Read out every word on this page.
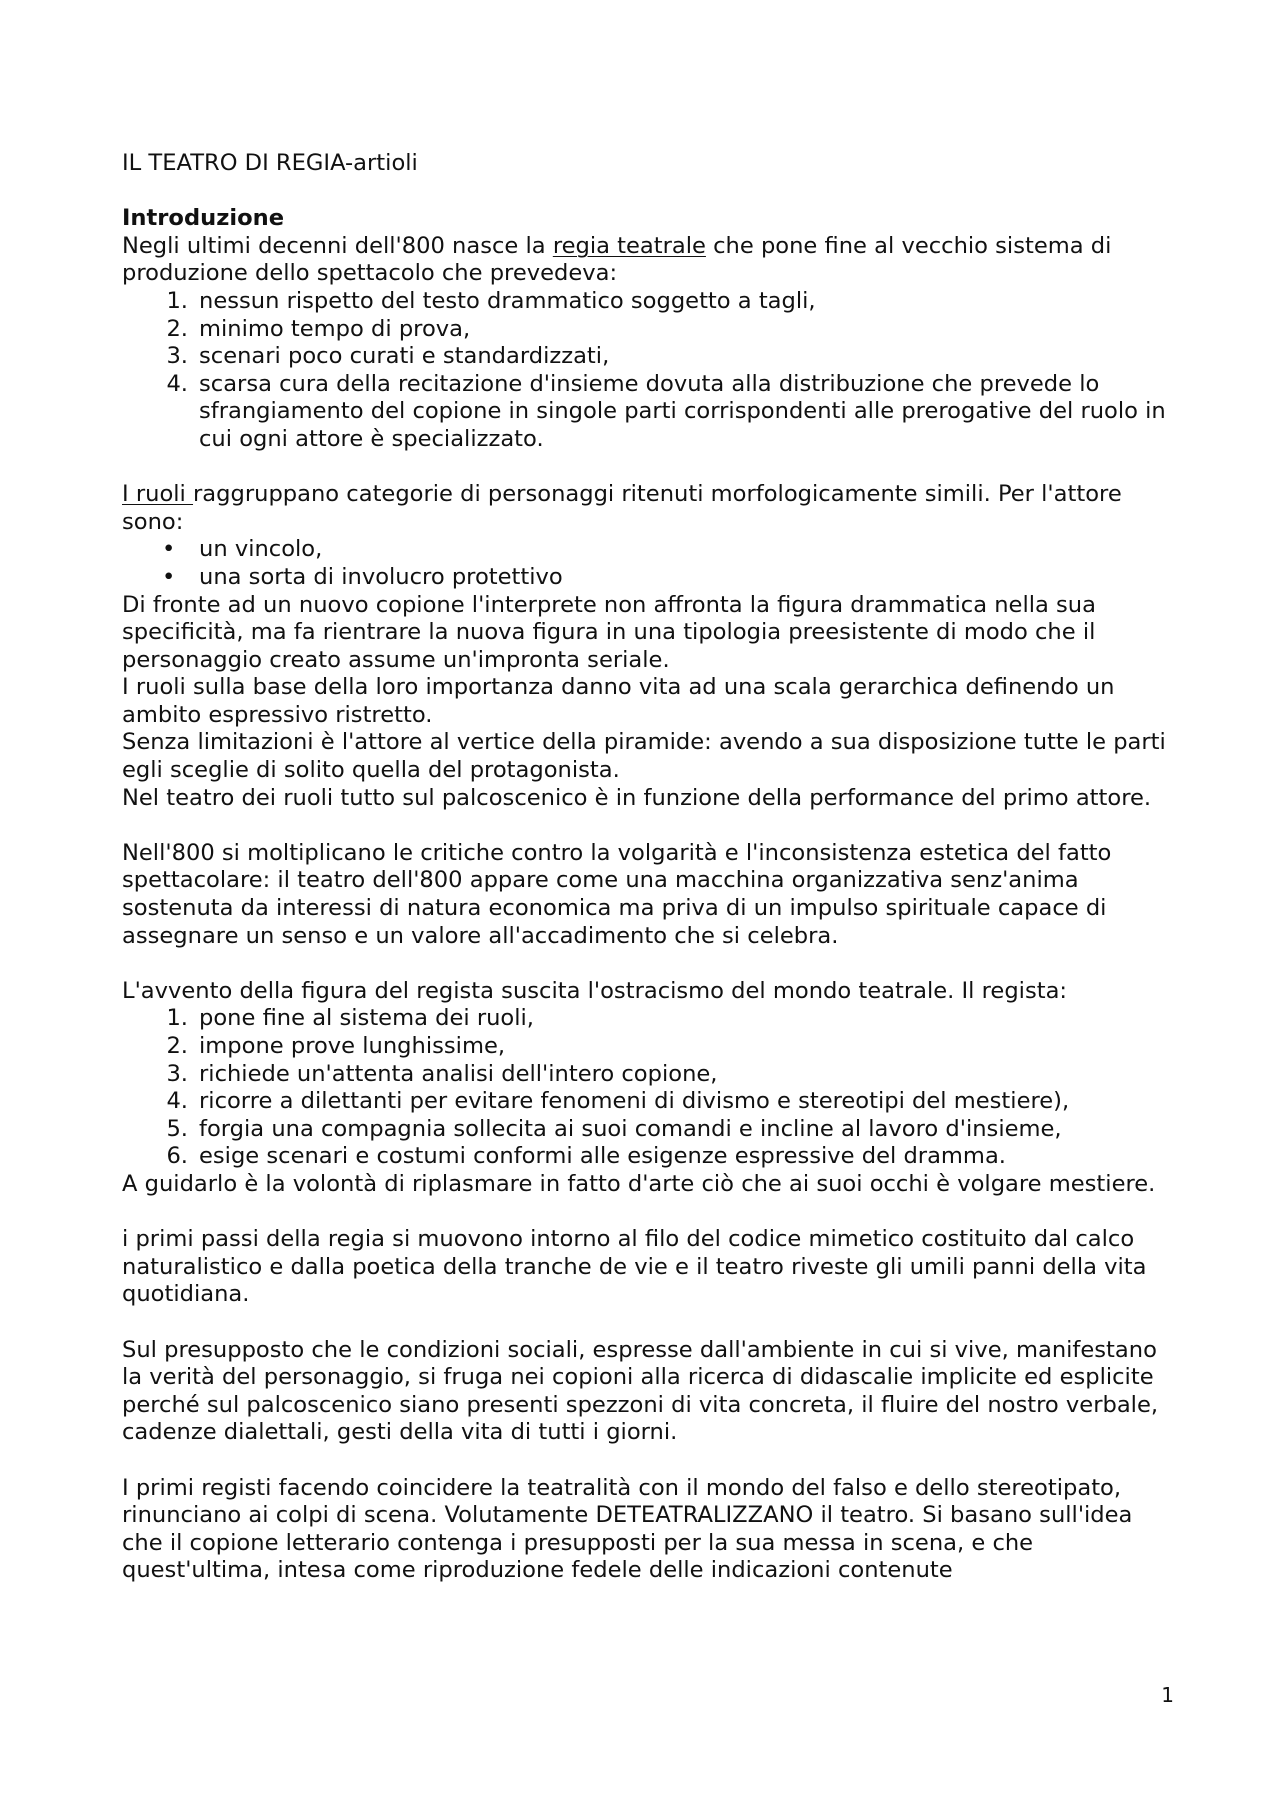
IL TEATRO DI REGIA-artioli

Introduzione

Negli ultimi decenni dell'800 nasce la regia teatrale che pone fine al vecchio sistema di produzione dello spettacolo che prevedeva:

1. nessun rispetto del testo drammatico soggetto a tagli,
2. minimo tempo di prova,
3. scenari poco curati e standardizzati,
4. scarsa cura della recitazione d'insieme dovuta alla distribuzione che prevede lo sfrangiamento del copione in singole parti corrispondenti alle prerogative del ruolo in cui ogni attore è specializzato.

I ruoli raggruppano categorie di personaggi ritenuti morfologicamente simili. Per l'attore sono:

•	un vincolo,
•	una sorta di involucro protettivo

Di fronte ad un nuovo copione l'interprete non affronta la figura drammatica nella sua specificità, ma fa rientrare la nuova figura in una tipologia preesistente di modo che il personaggio creato assume un'impronta seriale.

I ruoli sulla base della loro importanza danno vita ad una scala gerarchica definendo un ambito espressivo ristretto.

Senza limitazioni è l'attore al vertice della piramide: avendo a sua disposizione tutte le parti egli sceglie di solito quella del protagonista.

Nel teatro dei ruoli tutto sul palcoscenico è in funzione della performance del primo attore.

Nell'800 si moltiplicano le critiche contro la volgarità e l'inconsistenza estetica del fatto spettacolare: il teatro dell'800 appare come una macchina organizzativa senz'anima sostenuta da interessi di natura economica ma priva di un impulso spirituale capace di assegnare un senso e un valore all'accadimento che si celebra.

L'avvento della figura del regista suscita l'ostracismo del mondo teatrale. Il regista:

1. pone fine al sistema dei ruoli,
2. impone prove lunghissime,
3. richiede un'attenta analisi dell'intero copione,
4. ricorre a dilettanti per evitare fenomeni di divismo e stereotipi del mestiere),
5. forgia una compagnia sollecita ai suoi comandi e incline al lavoro d'insieme,
6. esige scenari e costumi conformi alle esigenze espressive del dramma.

A guidarlo è la volontà di riplasmare in fatto d'arte ciò che ai suoi occhi è volgare mestiere.

i primi passi della regia si muovono intorno al filo del codice mimetico costituito dal calco naturalistico e dalla poetica della tranche de vie e il teatro riveste gli umili panni della vita quotidiana.

Sul presupposto che le condizioni sociali, espresse dall'ambiente in cui si vive, manifestano la verità del personaggio, si fruga nei copioni alla ricerca di didascalie implicite ed esplicite perché sul palcoscenico siano presenti spezzoni di vita concreta, il fluire del nostro verbale, cadenze dialettali, gesti della vita di tutti i giorni.

I primi registi facendo coincidere la teatralità con il mondo del falso e dello stereotipato, rinunciano ai colpi di scena. Volutamente DETEATRALIZZANO il teatro. Si basano sull'idea che il copione letterario contenga i presupposti per la sua messa in scena, e che quest'ultima, intesa come riproduzione fedele delle indicazioni contenute

1
